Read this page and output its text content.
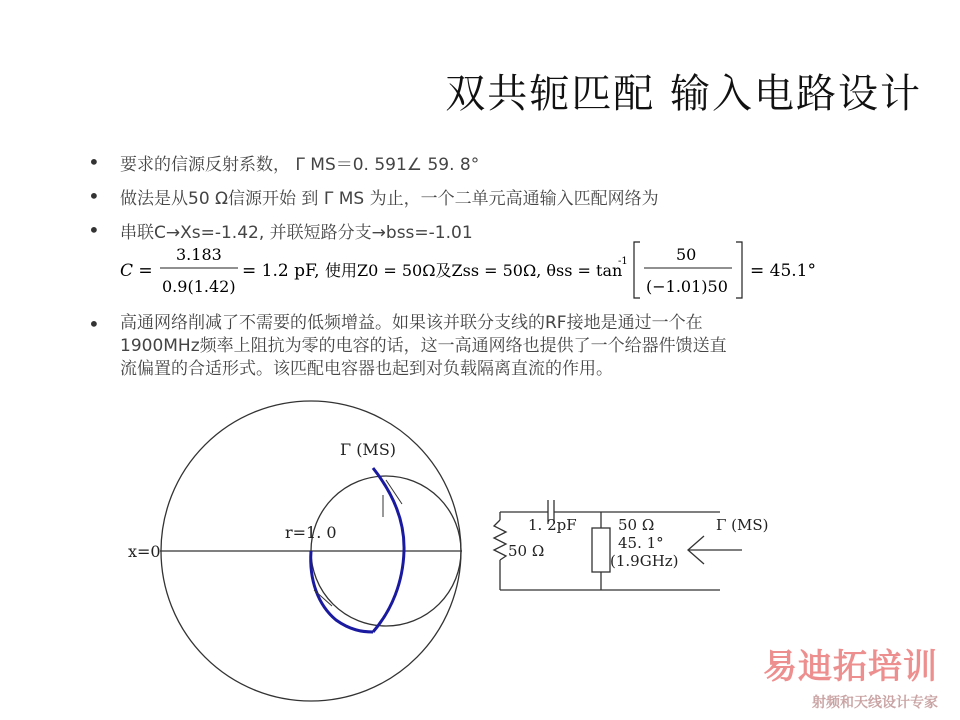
双共轭匹配 输入电路设计
• 要求的信源反射系数， Γ MS＝0. 591∠ 59. 8°
• 做法是从50 Ω信源开始 到 Γ MS 为止，一个二单元高通输入匹配网络为
• 串联C→Xs=-1.42, 并联短路分支→bss=-1.01
C =
3.183
0.9(1.42)
= 1.2 pF, 使用Z0 = 50Ω及Zss = 50Ω, θss = tan
-1	50
(−1.01)50
= 45.1°
• 高通网络削减了不需要的低频增益。如果该并联分支线的RF接地是通过一个在
1900MHz频率上阻抗为零的电容的话，这一高通网络也提供了一个给器件馈送直
流偏置的合适形式。该匹配电容器也起到对负载隔离直流的作用。
x=0
r=1. 0
Γ (MS)
1. 2pF
50 Ω
50 Ω
45. 1°
(1.9GHz)
Γ (MS)
易迪拓培训
射频和天线设计专家
